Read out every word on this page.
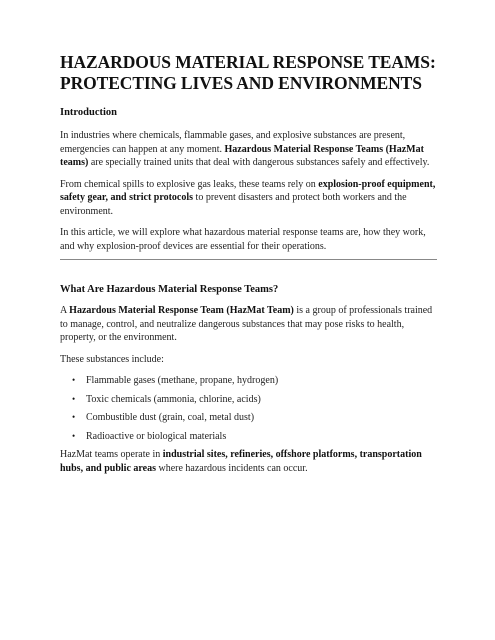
HAZARDOUS MATERIAL RESPONSE TEAMS:
PROTECTING LIVES AND ENVIRONMENTS
Introduction

In industries where chemicals, flammable gases, and explosive substances are present, emergencies can happen at any moment. Hazardous Material Response Teams (HazMat teams) are specially trained units that deal with dangerous substances safely and effectively.

From chemical spills to explosive gas leaks, these teams rely on explosion-proof equipment, safety gear, and strict protocols to prevent disasters and protect both workers and the environment.

In this article, we will explore what hazardous material response teams are, how they work, and why explosion-proof devices are essential for their operations.

What Are Hazardous Material Response Teams?

A Hazardous Material Response Team (HazMat Team) is a group of professionals trained to manage, control, and neutralize dangerous substances that may pose risks to health, property, or the environment.

These substances include:

• Flammable gases (methane, propane, hydrogen)
• Toxic chemicals (ammonia, chlorine, acids)
• Combustible dust (grain, coal, metal dust)
• Radioactive or biological materials

HazMat teams operate in industrial sites, refineries, offshore platforms, transportation hubs, and public areas where hazardous incidents can occur.
